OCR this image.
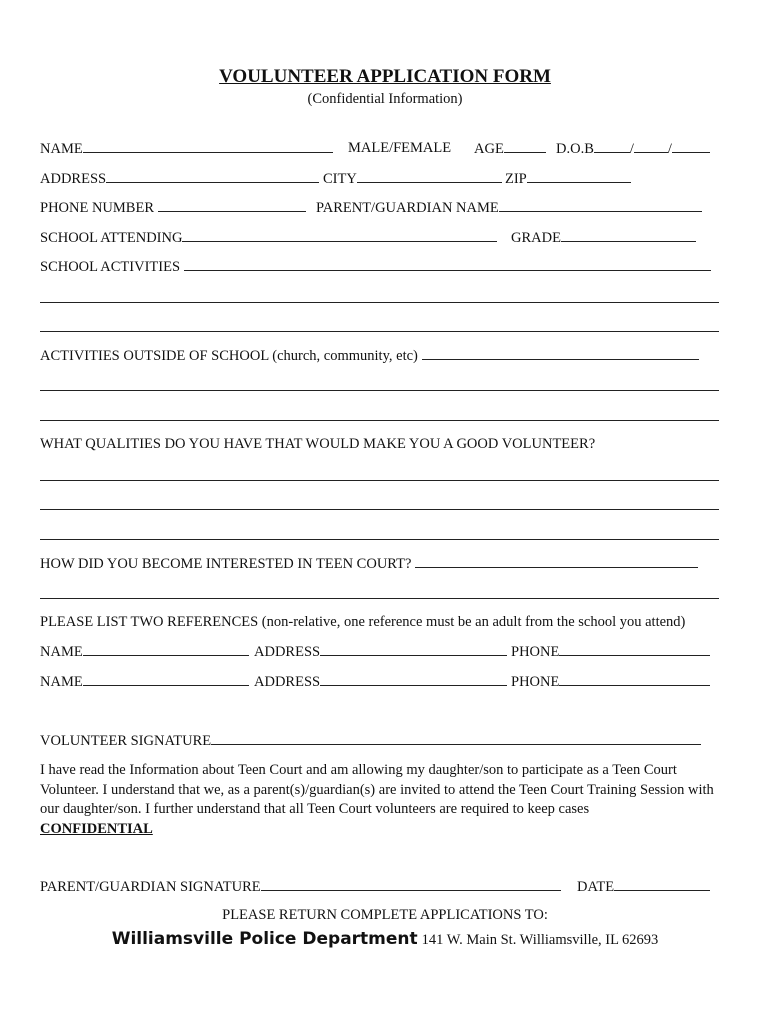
VOULUNTEER APPLICATION FORM
(Confidential Information)
NAME	MALE/FEMALE AGE	D.O.B / /
ADDRESS	CITY	ZIP
PHONE NUMBER	PARENT/GUARDIAN NAME
SCHOOL ATTENDING	GRADE
SCHOOL ACTIVITIES
ACTIVITIES OUTSIDE OF SCHOOL (church, community, etc)
WHAT QUALITIES DO YOU HAVE THAT WOULD MAKE YOU A GOOD VOLUNTEER?
HOW DID YOU BECOME INTERESTED IN TEEN COURT?
PLEASE LIST TWO REFERENCES (non-relative, one reference must be an adult from the school you attend)
NAME	ADDRESS	PHONE
NAME	ADDRESS	PHONE
VOLUNTEER SIGNATURE
I have read the Information about Teen Court and am allowing my daughter/son to participate as a Teen Court Volunteer. I understand that we, as a parent(s)/guardian(s) are invited to attend the Teen Court Training Session with our daughter/son. I further understand that all Teen Court volunteers are required to keep cases
CONFIDENTIAL
PARENT/GUARDIAN SIGNATURE	DATE
PLEASE RETURN COMPLETE APPLICATIONS TO:
Williamsville Police Department 141 W. Main St. Williamsville, IL 62693
